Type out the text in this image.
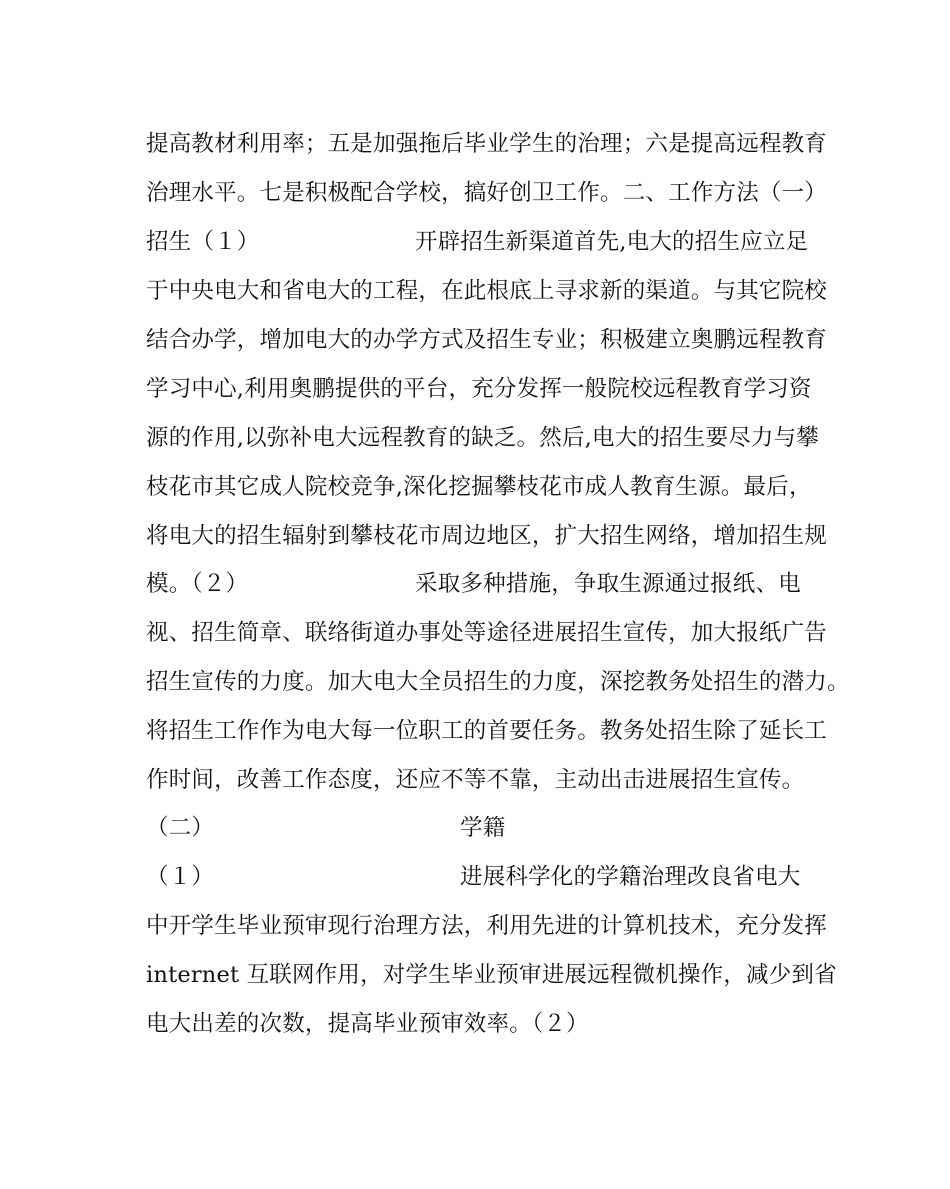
提高教材利用率；五是加强拖后毕业学生的治理；六是提高远程教育
治理水平。七是积极配合学校，搞好创卫工作。二、工作方法（一）
招生（１）	开辟招生新渠道首先,电大的招生应立足
于中央电大和省电大的工程，在此根底上寻求新的渠道。与其它院校
结合办学，增加电大的办学方式及招生专业；积极建立奥鹏远程教育
学习中心,利用奥鹏提供的平台，充分发挥一般院校远程教育学习资
源的作用,以弥补电大远程教育的缺乏。然后,电大的招生要尽力与攀
枝花市其它成人院校竞争,深化挖掘攀枝花市成人教育生源。最后，
将电大的招生辐射到攀枝花市周边地区，扩大招生网络，增加招生规
模。（２）	采取多种措施，争取生源通过报纸、电
视、招生简章、联络街道办事处等途径进展招生宣传，加大报纸广告
招生宣传的力度。加大电大全员招生的力度，深挖教务处招生的潜力。
将招生工作作为电大每一位职工的首要任务。教务处招生除了延长工
作时间，改善工作态度，还应不等不靠，主动出击进展招生宣传。
（二）	学籍
（１）	进展科学化的学籍治理改良省电大
中开学生毕业预审现行治理方法，利用先进的计算机技术，充分发挥
internet 互联网作用，对学生毕业预审进展远程微机操作，减少到省
电大出差的次数，提高毕业预审效率。（２）
